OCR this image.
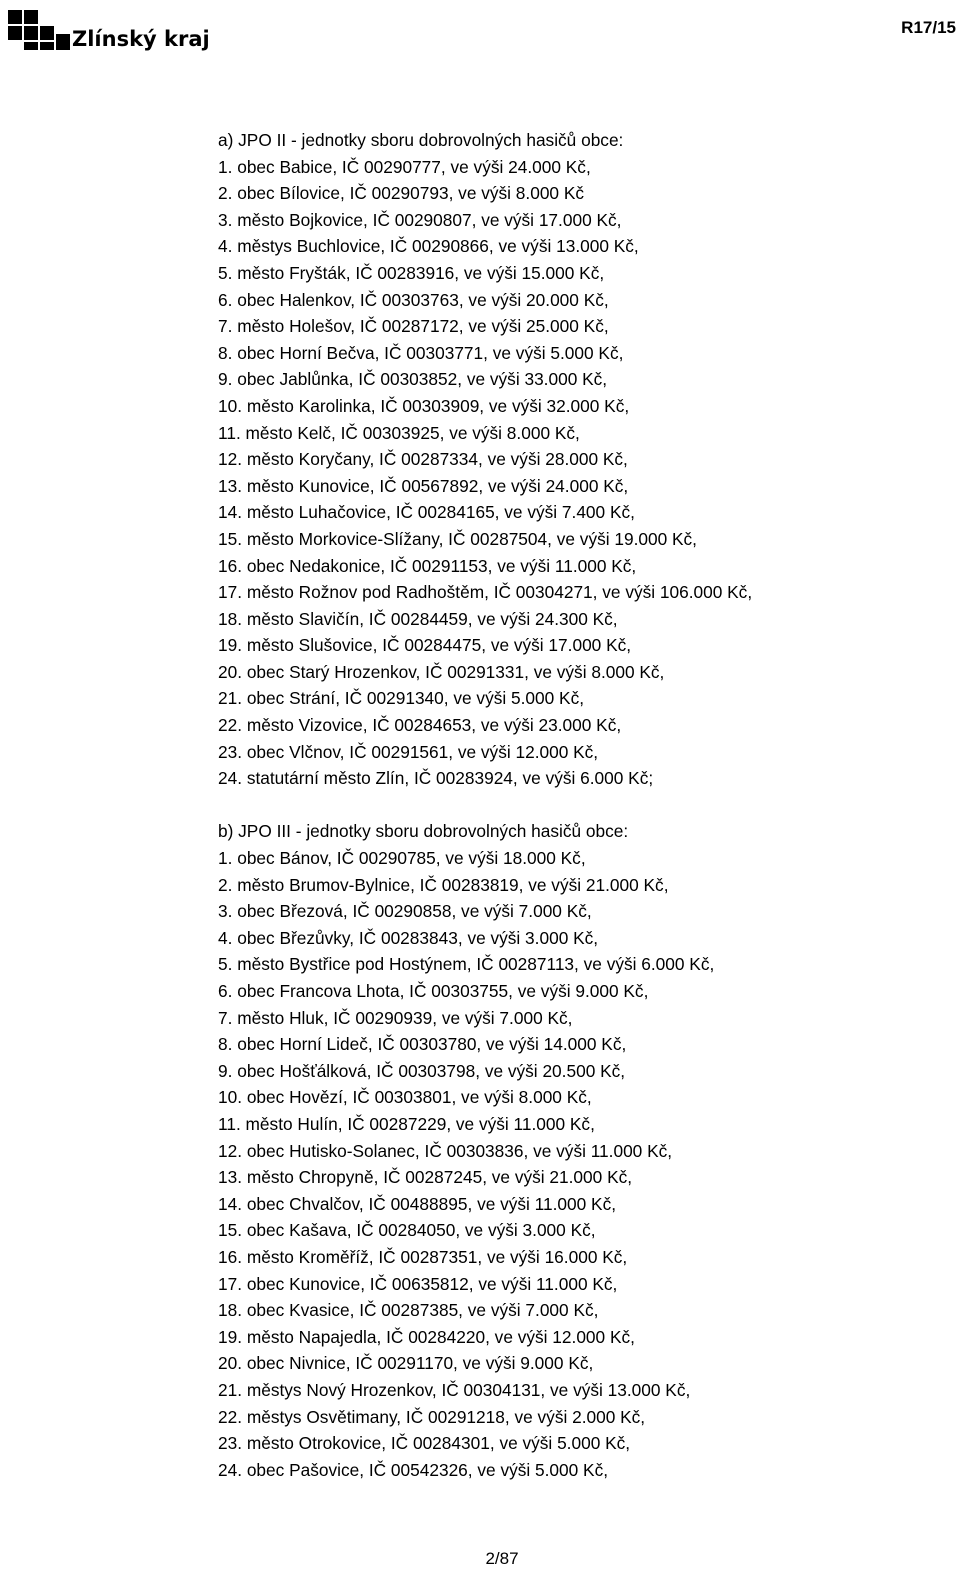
Zlínský kraj	R17/15
a) JPO II - jednotky sboru dobrovolných hasičů obce:
1. obec Babice, IČ 00290777, ve výši 24.000 Kč,
2. obec Bílovice, IČ 00290793, ve výši 8.000 Kč
3. město Bojkovice, IČ 00290807, ve výši 17.000 Kč,
4. městys Buchlovice, IČ 00290866, ve výši 13.000 Kč,
5. město Fryšták, IČ 00283916, ve výši 15.000 Kč,
6. obec Halenkov, IČ 00303763, ve výši 20.000 Kč,
7. město Holešov, IČ 00287172, ve výši 25.000 Kč,
8. obec Horní Bečva, IČ 00303771, ve výši 5.000 Kč,
9. obec Jablůnka, IČ 00303852, ve výši 33.000 Kč,
10. město Karolinka, IČ 00303909, ve výši 32.000 Kč,
11. město Kelč, IČ 00303925, ve výši 8.000 Kč,
12. město Koryčany, IČ 00287334, ve výši 28.000 Kč,
13. město Kunovice, IČ 00567892, ve výši 24.000 Kč,
14. město Luhačovice, IČ 00284165, ve výši 7.400 Kč,
15. město Morkovice-Slížany, IČ 00287504, ve výši 19.000 Kč,
16. obec Nedakonice, IČ 00291153, ve výši 11.000 Kč,
17. město Rožnov pod Radhoštěm, IČ 00304271, ve výši 106.000 Kč,
18. město Slavičín, IČ 00284459, ve výši 24.300 Kč,
19. město Slušovice, IČ 00284475, ve výši 17.000 Kč,
20. obec Starý Hrozenkov, IČ 00291331, ve výši 8.000 Kč,
21. obec Strání, IČ 00291340, ve výši 5.000 Kč,
22. město Vizovice, IČ 00284653, ve výši 23.000 Kč,
23. obec Vlčnov, IČ 00291561, ve výši 12.000 Kč,
24. statutární město Zlín, IČ 00283924, ve výši 6.000 Kč;
b) JPO III - jednotky sboru dobrovolných hasičů obce:
1. obec Bánov, IČ 00290785, ve výši 18.000 Kč,
2. město Brumov-Bylnice, IČ 00283819, ve výši 21.000 Kč,
3. obec Březová, IČ 00290858, ve výši 7.000 Kč,
4. obec Březůvky, IČ 00283843, ve výši 3.000 Kč,
5. město Bystřice pod Hostýnem, IČ 00287113, ve výši 6.000 Kč,
6. obec Francova Lhota, IČ 00303755, ve výši 9.000 Kč,
7. město Hluk, IČ 00290939, ve výši 7.000 Kč,
8. obec Horní Lideč, IČ 00303780, ve výši 14.000 Kč,
9. obec Hošťálková, IČ 00303798, ve výši 20.500 Kč,
10. obec Hovězí, IČ 00303801, ve výši 8.000 Kč,
11. město Hulín, IČ 00287229, ve výši 11.000 Kč,
12. obec Hutisko-Solanec, IČ 00303836, ve výši 11.000 Kč,
13. město Chropyně, IČ 00287245, ve výši 21.000 Kč,
14. obec Chvalčov, IČ 00488895, ve výši 11.000 Kč,
15. obec Kašava, IČ 00284050, ve výši 3.000 Kč,
16. město Kroměříž, IČ 00287351, ve výši 16.000 Kč,
17. obec Kunovice, IČ 00635812, ve výši 11.000 Kč,
18. obec Kvasice, IČ 00287385, ve výši 7.000 Kč,
19. město Napajedla, IČ 00284220, ve výši 12.000 Kč,
20. obec Nivnice, IČ 00291170, ve výši 9.000 Kč,
21. městys Nový Hrozenkov, IČ 00304131, ve výši 13.000 Kč,
22. městys Osvětimany, IČ 00291218, ve výši 2.000 Kč,
23. město Otrokovice, IČ 00284301, ve výši 5.000 Kč,
24. obec Pašovice, IČ 00542326, ve výši 5.000 Kč,
2/87
